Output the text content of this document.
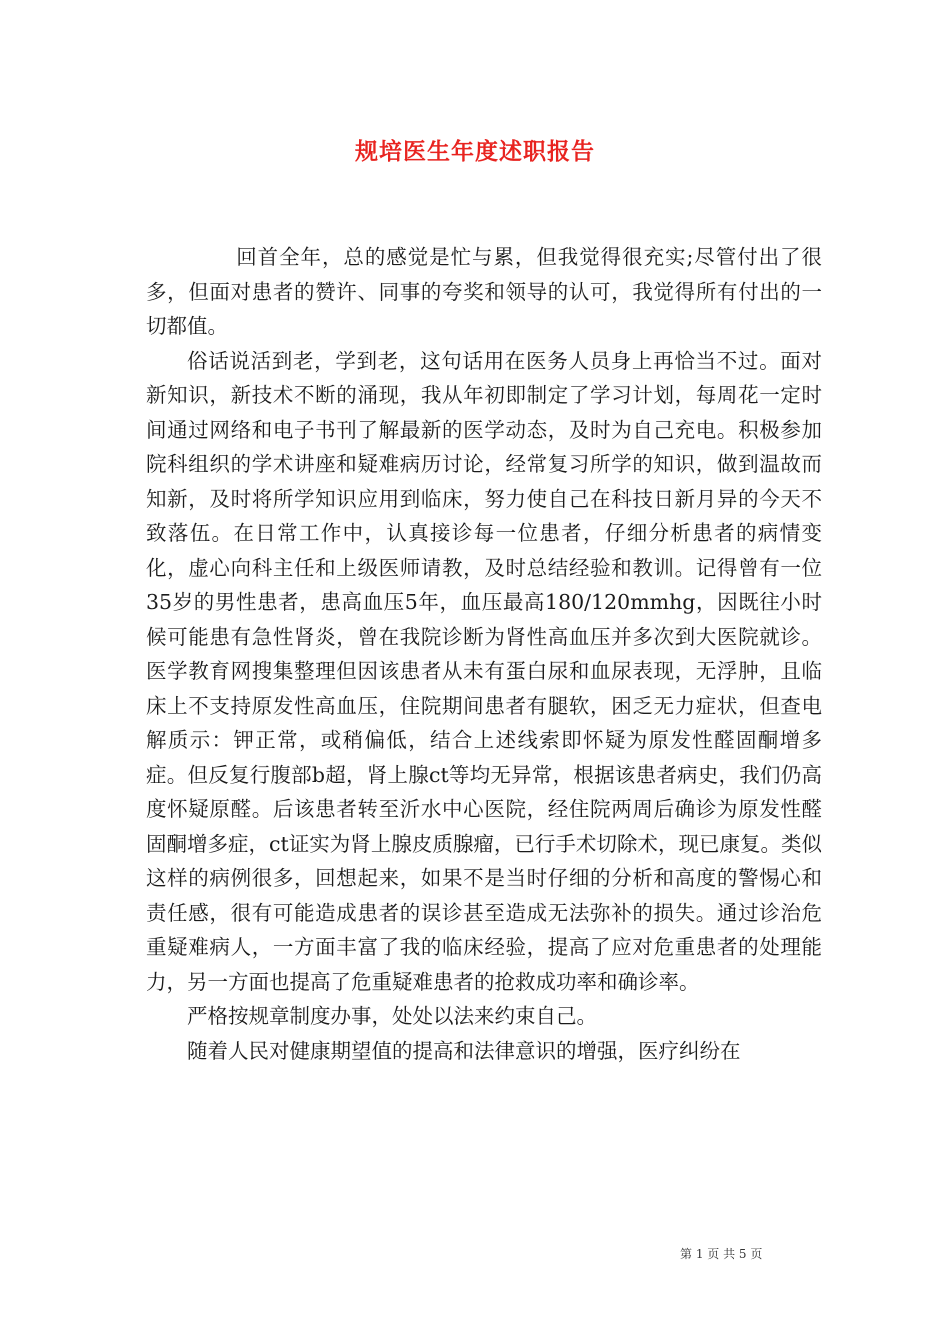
规培医生年度述职报告

回首全年，总的感觉是忙与累，但我觉得很充实;尽管付出了很多，但面对患者的赞许、同事的夸奖和领导的认可，我觉得所有付出的一切都值。

俗话说活到老，学到老，这句话用在医务人员身上再恰当不过。面对新知识，新技术不断的涌现，我从年初即制定了学习计划，每周花一定时间通过网络和电子书刊了解最新的医学动态，及时为自己充电。积极参加院科组织的学术讲座和疑难病历讨论，经常复习所学的知识，做到温故而知新，及时将所学知识应用到临床，努力使自己在科技日新月异的今天不致落伍。在日常工作中，认真接诊每一位患者，仔细分析患者的病情变化，虚心向科主任和上级医师请教，及时总结经验和教训。记得曾有一位35岁的男性患者，患高血压5年，血压最高180/120mmhg，因既往小时候可能患有急性肾炎，曾在我院诊断为肾性高血压并多次到大医院就诊。医学教育网搜集整理但因该患者从未有蛋白尿和血尿表现，无浮肿，且临床上不支持原发性高血压，住院期间患者有腿软，困乏无力症状，但查电解质示：钾正常，或稍偏低，结合上述线索即怀疑为原发性醛固酮增多症。但反复行腹部b超，肾上腺ct等均无异常，根据该患者病史，我们仍高度怀疑原醛。后该患者转至沂水中心医院，经住院两周后确诊为原发性醛固酮增多症，ct证实为肾上腺皮质腺瘤，已行手术切除术，现已康复。类似这样的病例很多，回想起来，如果不是当时仔细的分析和高度的警惕心和责任感，很有可能造成患者的误诊甚至造成无法弥补的损失。通过诊治危重疑难病人，一方面丰富了我的临床经验，提高了应对危重患者的处理能力，另一方面也提高了危重疑难患者的抢救成功率和确诊率。

严格按规章制度办事，处处以法来约束自己。

随着人民对健康期望值的提高和法律意识的增强，医疗纠纷在

第 1 页 共 5 页
